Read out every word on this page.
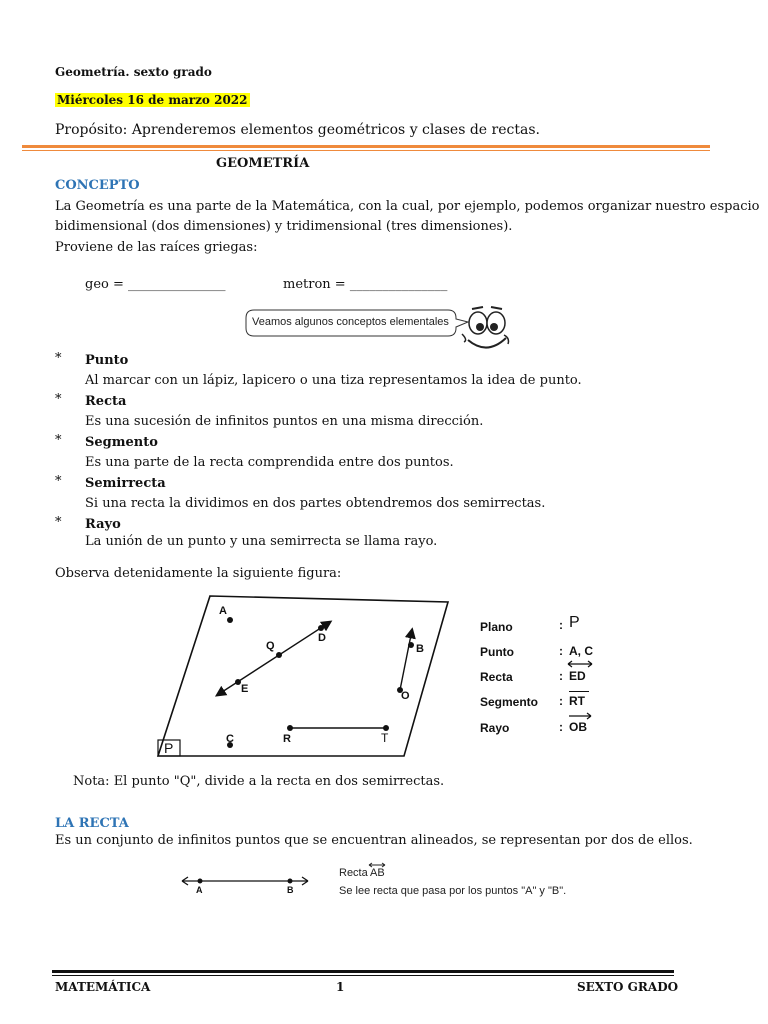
Geometría. sexto grado
Miércoles 16 de marzo 2022
Propósito: Aprenderemos elementos geométricos y clases de rectas.
GEOMETRÍA
CONCEPTO
La Geometría es una parte de la Matemática, con la cual, por ejemplo, podemos organizar nuestro espacio
bidimensional (dos dimensiones) y tridimensional (tres dimensiones).
Proviene de las raíces griegas:
geo = _______________	metron = _______________
Veamos algunos conceptos elementales
* Punto
Al marcar con un lápiz, lapicero o una tiza representamos la idea de punto.
* Recta
Es una sucesión de infinitos puntos en una misma dirección.
* Segmento
Es una parte de la recta comprendida entre dos puntos.
* Semirrecta
Si una recta la dividimos en dos partes obtendremos dos semirrectas.
* Rayo
La unión de un punto y una semirrecta se llama rayo.
Observa detenidamente la siguiente figura:
A
Q
D
E
B
O
C	R	T
P
Plano	: P
Punto	: A, C
Recta	: ED
Segmento : RT
Rayo	: OB
Nota: El punto "Q", divide a la recta en dos semirrectas.
LA RECTA
Es un conjunto de infinitos puntos que se encuentran alineados, se representan por dos de ellos.
A	B
Recta AB
Se lee recta que pasa por los puntos "A" y "B".
MATEMÁTICA	1	SEXTO GRADO
